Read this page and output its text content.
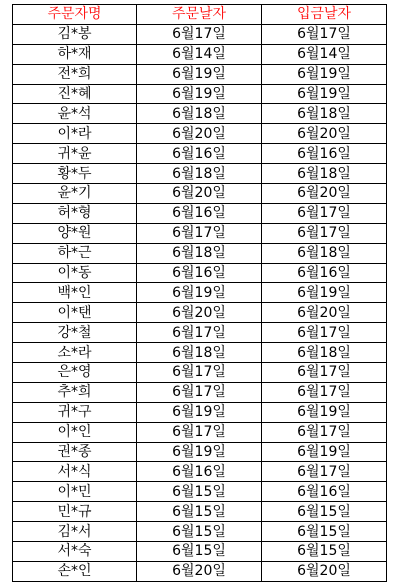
주문자명	주문날자	입금날자
김*봉	6월17일	6월17일
하*재	6월14일	6월14일
전*희	6월19일	6월19일
진*혜	6월19일	6월19일
윤*석	6월18일	6월18일
이*라	6월20일	6월20일
귀*윤	6월16일	6월16일
황*두	6월18일	6월18일
윤*기	6월20일	6월20일
허*형	6월16일	6월17일
양*원	6월17일	6월17일
하*근	6월18일	6월18일
이*동	6월16일	6월16일
백*인	6월19일	6월19일
이*탠	6월20일	6월20일
강*철	6월17일	6월17일
소*라	6월18일	6월18일
은*영	6월17일	6월17일
추*희	6월17일	6월17일
귀*구	6월19일	6월19일
이*인	6월17일	6월17일
권*종	6월19일	6월19일
서*식	6월16일	6월17일
이*민	6월15일	6월16일
민*규	6월15일	6월15일
김*서	6월15일	6월15일
서*숙	6월15일	6월15일
손*인	6월20일	6월20일
